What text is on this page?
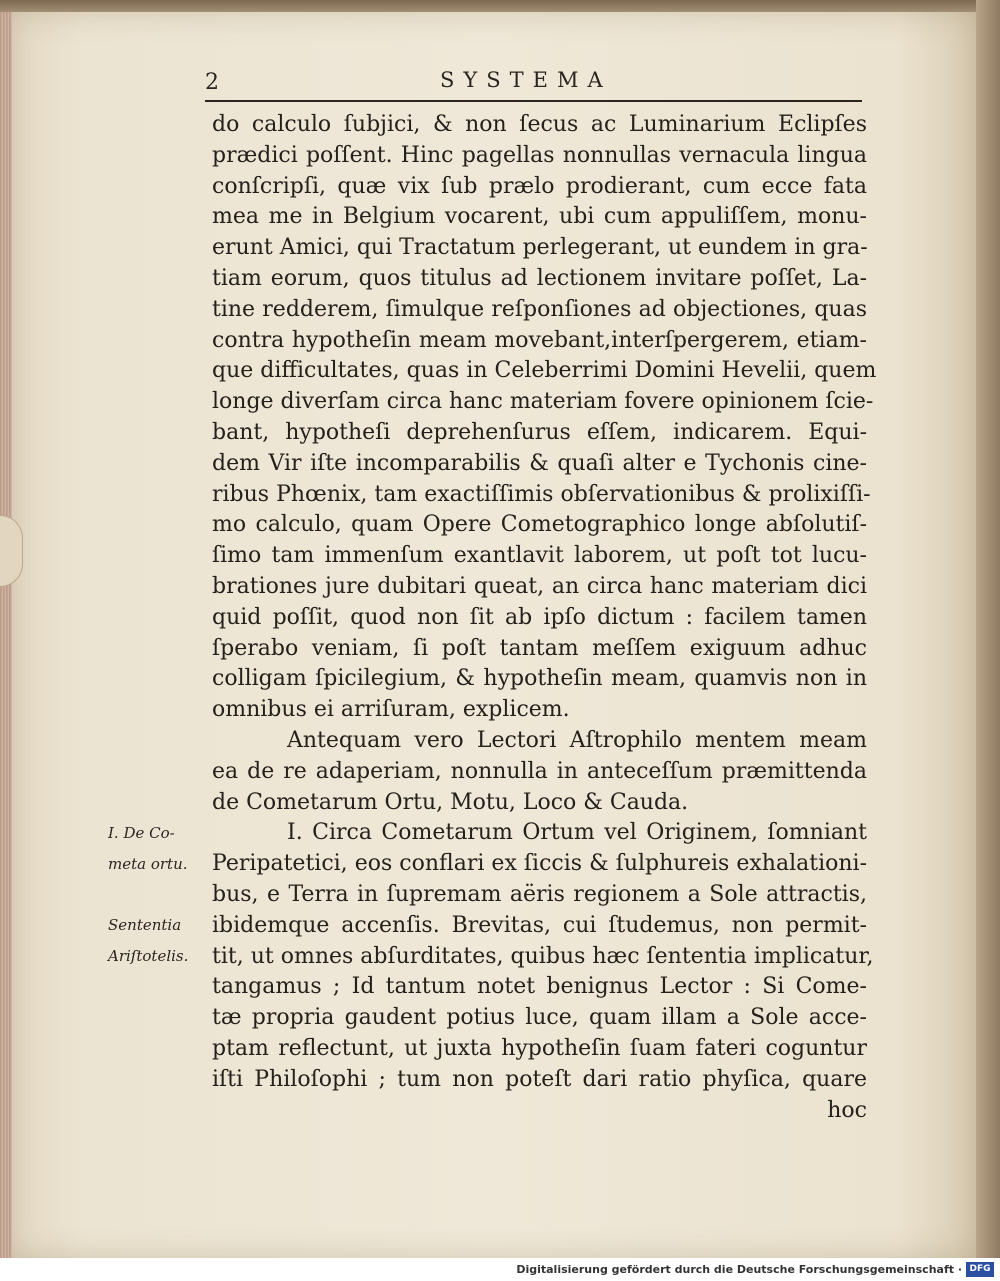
2	SYSTEMA
do calculo ſubjici, & non ſecus ac Luminarium Eclipſes
prædici poſſent. Hinc pagellas nonnullas vernacula lingua
conſcripſi, quæ vix ſub prælo prodierant, cum ecce fata
mea me in Belgium vocarent, ubi cum appuliſſem, monu-
erunt Amici, qui Tractatum perlegerant, ut eundem in gra-
tiam eorum, quos titulus ad lectionem invitare poſſet, La-
tine redderem, ſimulque reſponſiones ad objectiones, quas
contra hypotheſin meam movebant,interſpergerem, etiam-
que difficultates, quas in Celeberrimi Domini Hevelii, quem
longe diverſam circa hanc materiam fovere opinionem ſcie-
bant, hypotheſi deprehenſurus eſſem, indicarem. Equi-
dem Vir iſte incomparabilis & quaſi alter e Tychonis cine-
ribus Phœnix, tam exactiſſimis obſervationibus & prolixiſſi-
mo calculo, quam Opere Cometographico longe abſolutiſ-
ſimo tam immenſum exantlavit laborem, ut poſt tot lucu-
brationes jure dubitari queat, an circa hanc materiam dici
quid poſſit, quod non ſit ab ipſo dictum : facilem tamen
ſperabo veniam, ſi poſt tantam meſſem exiguum adhuc
colligam ſpicilegium, & hypotheſin meam, quamvis non in
omnibus ei arriſuram, explicem.
Antequam vero Lectori Aſtrophilo mentem meam
ea de re adaperiam, nonnulla in anteceſſum præmittenda
de Cometarum Ortu, Motu, Loco & Cauda.
I. Circa Cometarum Ortum vel Originem, ſomniant
Peripatetici, eos conflari ex ſiccis & ſulphureis exhalationi-
bus, e Terra in ſupremam aëris regionem a Sole attractis,
ibidemque accenſis. Brevitas, cui ſtudemus, non permit-
tit, ut omnes abſurditates, quibus hæc ſententia implicatur,
tangamus ; Id tantum notet benignus Lector : Si Come-
tæ propria gaudent potius luce, quam illam a Sole acce-
ptam reflectunt, ut juxta hypotheſin ſuam fateri coguntur
iſti Philoſophi ; tum non poteſt dari ratio phyſica, quare
hoc
I. De Co-
meta ortu.
Sententia
Ariſtotelis.
Digitalisierung gefördert durch die Deutsche Forschungsgemeinschaft · DFG
